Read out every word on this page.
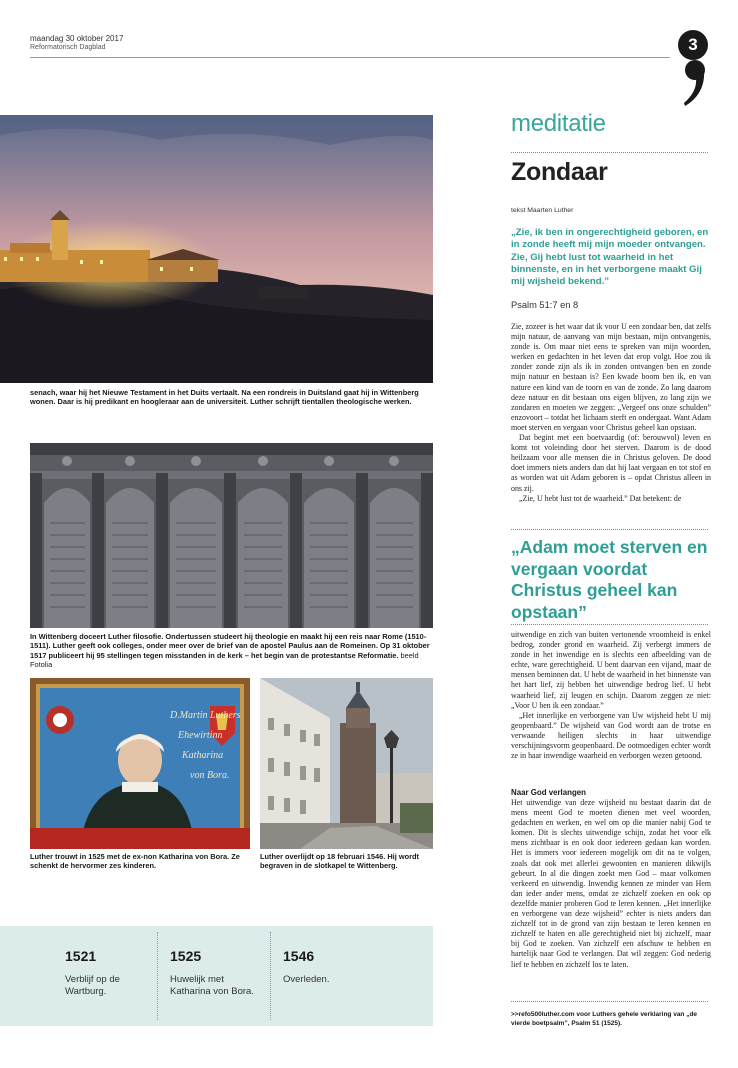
maandag 30 oktober 2017
Reformatorisch Dagblad	3
senach, waar hij het Nieuwe Testament in het Duits vertaalt. Na een rondreis in Duitsland gaat hij in Wittenberg wonen. Daar is hij predikant en hoogleraar aan de universiteit. Luther schrijft tientallen theologische werken.
In Wittenberg doceert Luther filosofie. Ondertussen studeert hij theologie en maakt hij een reis naar Rome (1510-1511). Luther geeft ook colleges, onder meer over de brief van de apostel Paulus aan de Romeinen. Op 31 oktober 1517 publiceert hij 95 stellingen tegen misstanden in de kerk – het begin van de protestantse Reformatie. beeld Fotolia
D.Martin Luthers
Ehewirtinn
Katharina
von Bora.
Luther trouwt in 1525 met de ex-non Katharina von Bora. Ze schenkt de hervormer zes kinderen.
Luther overlijdt op 18 februari 1546. Hij wordt begraven in de slotkapel te Wittenberg.
1521
Verblijf op de Wartburg.
1525
Huwelijk met Katharina von Bora.
1546
Overleden.
meditatie
Zondaar
tekst Maarten Luther
„Zie, ik ben in ongerechtigheid geboren, en in zonde heeft mij mijn moeder ontvangen. Zie, Gij hebt lust tot waarheid in het binnenste, en in het verborgene maakt Gij mij wijsheid bekend.”
Psalm 51:7 en 8

Zie, zozeer is het waar dat ik voor U een zondaar ben, dat zelfs mijn natuur, de aanvang van mijn bestaan, mijn ontvangenis, zonde is. Om maar niet eens te spreken van mijn woorden, werken en gedachten in het leven dat erop volgt. Hoe zou ik zonder zonde zijn als ik in zonden ontvangen ben en zonde mijn natuur en bestaan is? Een kwade boom ben ik, en van nature een kind van de toorn en van de zonde. Zo lang daarom deze natuur en dit bestaan ons eigen blijven, zo lang zijn we zondaren en moeten we zeggen: „Vergeef ons onze schulden” enzovoort – totdat het lichaam sterft en ondergaat. Want Adam moet sterven en vergaan voor Christus geheel kan opstaan.

Dat begint met een boetvaardig (of: berouwvol) leven en komt tot voleinding door het sterven. Daarom is de dood heilzaam voor alle mensen die in Christus geloven. De dood doet immers niets anders dan dat hij laat vergaan en tot stof en as worden wat uit Adam geboren is – opdat Christus alleen in ons zij.

„Zie, U hebt lust tot de waarheid.” Dat betekent: de

„Adam moet sterven en vergaan voordat Christus geheel kan opstaan”

uitwendige en zich van buiten vertonende vroomheid is enkel bedrog, zonder grond en waarheid. Zij verbergt immers de zonde in het inwendige en is slechts een afbeelding van de echte, ware gerechtigheid. U bent daarvan een vijand, maar de mensen beminnen dat. U hebt de waarheid in het binnenste van het hart lief, zij hebben het uitwendige bedrog lief. U hebt waarheid lief, zij leugen en schijn. Daarom zeggen ze niet: „Voor U ben ik een zondaar.”

„Het innerlijke en verborgene van Uw wijsheid hebt U mij geopenbaard.” De wijsheid van God wordt aan de trotse en verwaande heiligen slechts in haar uitwendige verschijningsvorm geopenbaard. De ootmoedigen echter wordt ze in haar inwendige waarheid en verborgen wezen getoond.

Naar God verlangen

Het uitwendige van deze wijsheid nu bestaat daarin dat de mens meent God te moeten dienen met veel woorden, gedachten en werken, en wel om op die manier nabij God te komen. Dit is slechts uitwendige schijn, zodat het voor elk mens zichtbaar is en ook door iedereen gedaan kan worden. Het is immers voor iedereen mogelijk om dit na te volgen, zoals dat ook met allerlei gewoonten en manieren dikwijls gebeurt. In al die dingen zoekt men God – maar volkomen verkeerd en uitwendig. Inwendig kennen ze minder van Hem dan ieder ander mens, omdat ze zichzelf zoeken en ook op dezelfde manier proberen God te leren kennen. „Het innerlijke en verborgene van deze wijsheid” echter is niets anders dan zichzelf tot in de grond van zijn bestaan te leren kennen en zichzelf te haten en alle gerechtigheid niet bij zichzelf, maar bij God te zoeken. Van zichzelf een afschuw te hebben en hartelijk naar God te verlangen. Dat wil zeggen: God nederig lief te hebben en zichzelf los te laten.

>>refo500luther.com voor Luthers gehele verklaring van „de vierde boetpsalm”, Psalm 51 (1525).
